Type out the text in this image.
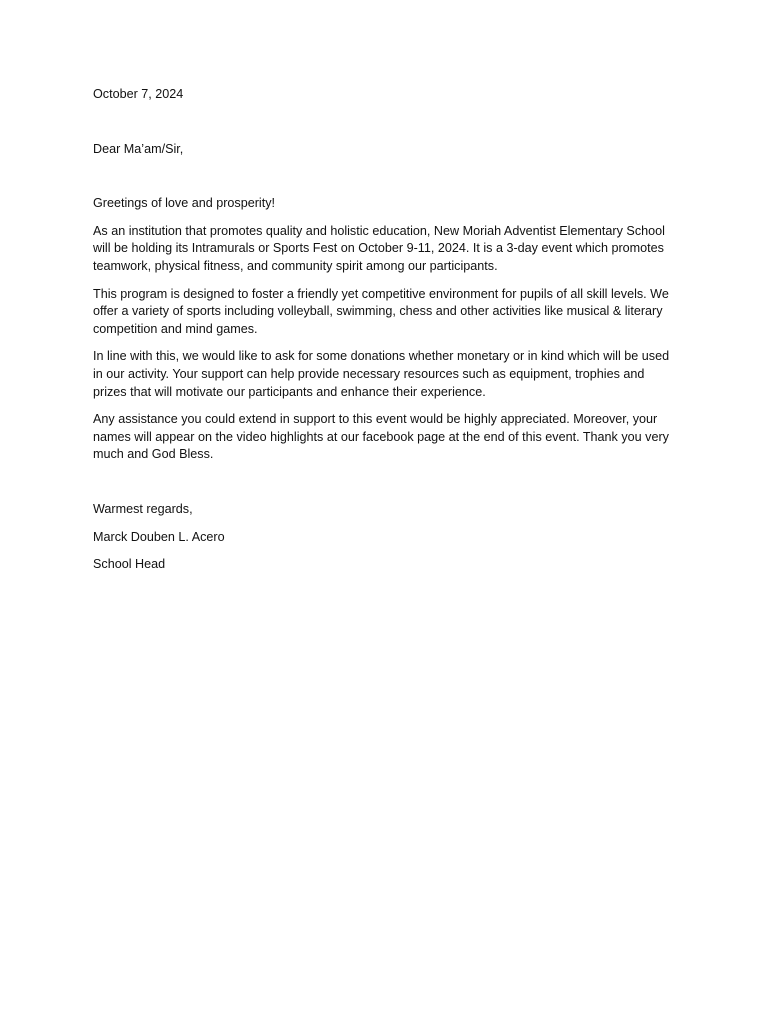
October 7, 2024

Dear Ma’am/Sir,

Greetings of love and prosperity!

As an institution that promotes quality and holistic education, New Moriah Adventist Elementary School will be holding its Intramurals or Sports Fest on October 9-11, 2024. It is a 3-day event which promotes teamwork, physical fitness, and community spirit among our participants.

This program is designed to foster a friendly yet competitive environment for pupils of all skill levels. We offer a variety of sports including volleyball, swimming, chess and other activities like musical & literary competition and mind games.

In line with this, we would like to ask for some donations whether monetary or in kind which will be used in our activity. Your support can help provide necessary resources such as equipment, trophies and prizes that will motivate our participants and enhance their experience.

Any assistance you could extend in support to this event would be highly appreciated. Moreover, your names will appear on the video highlights at our facebook page at the end of this event. Thank you very much and God Bless.

Warmest regards,

Marck Douben L. Acero

School Head
